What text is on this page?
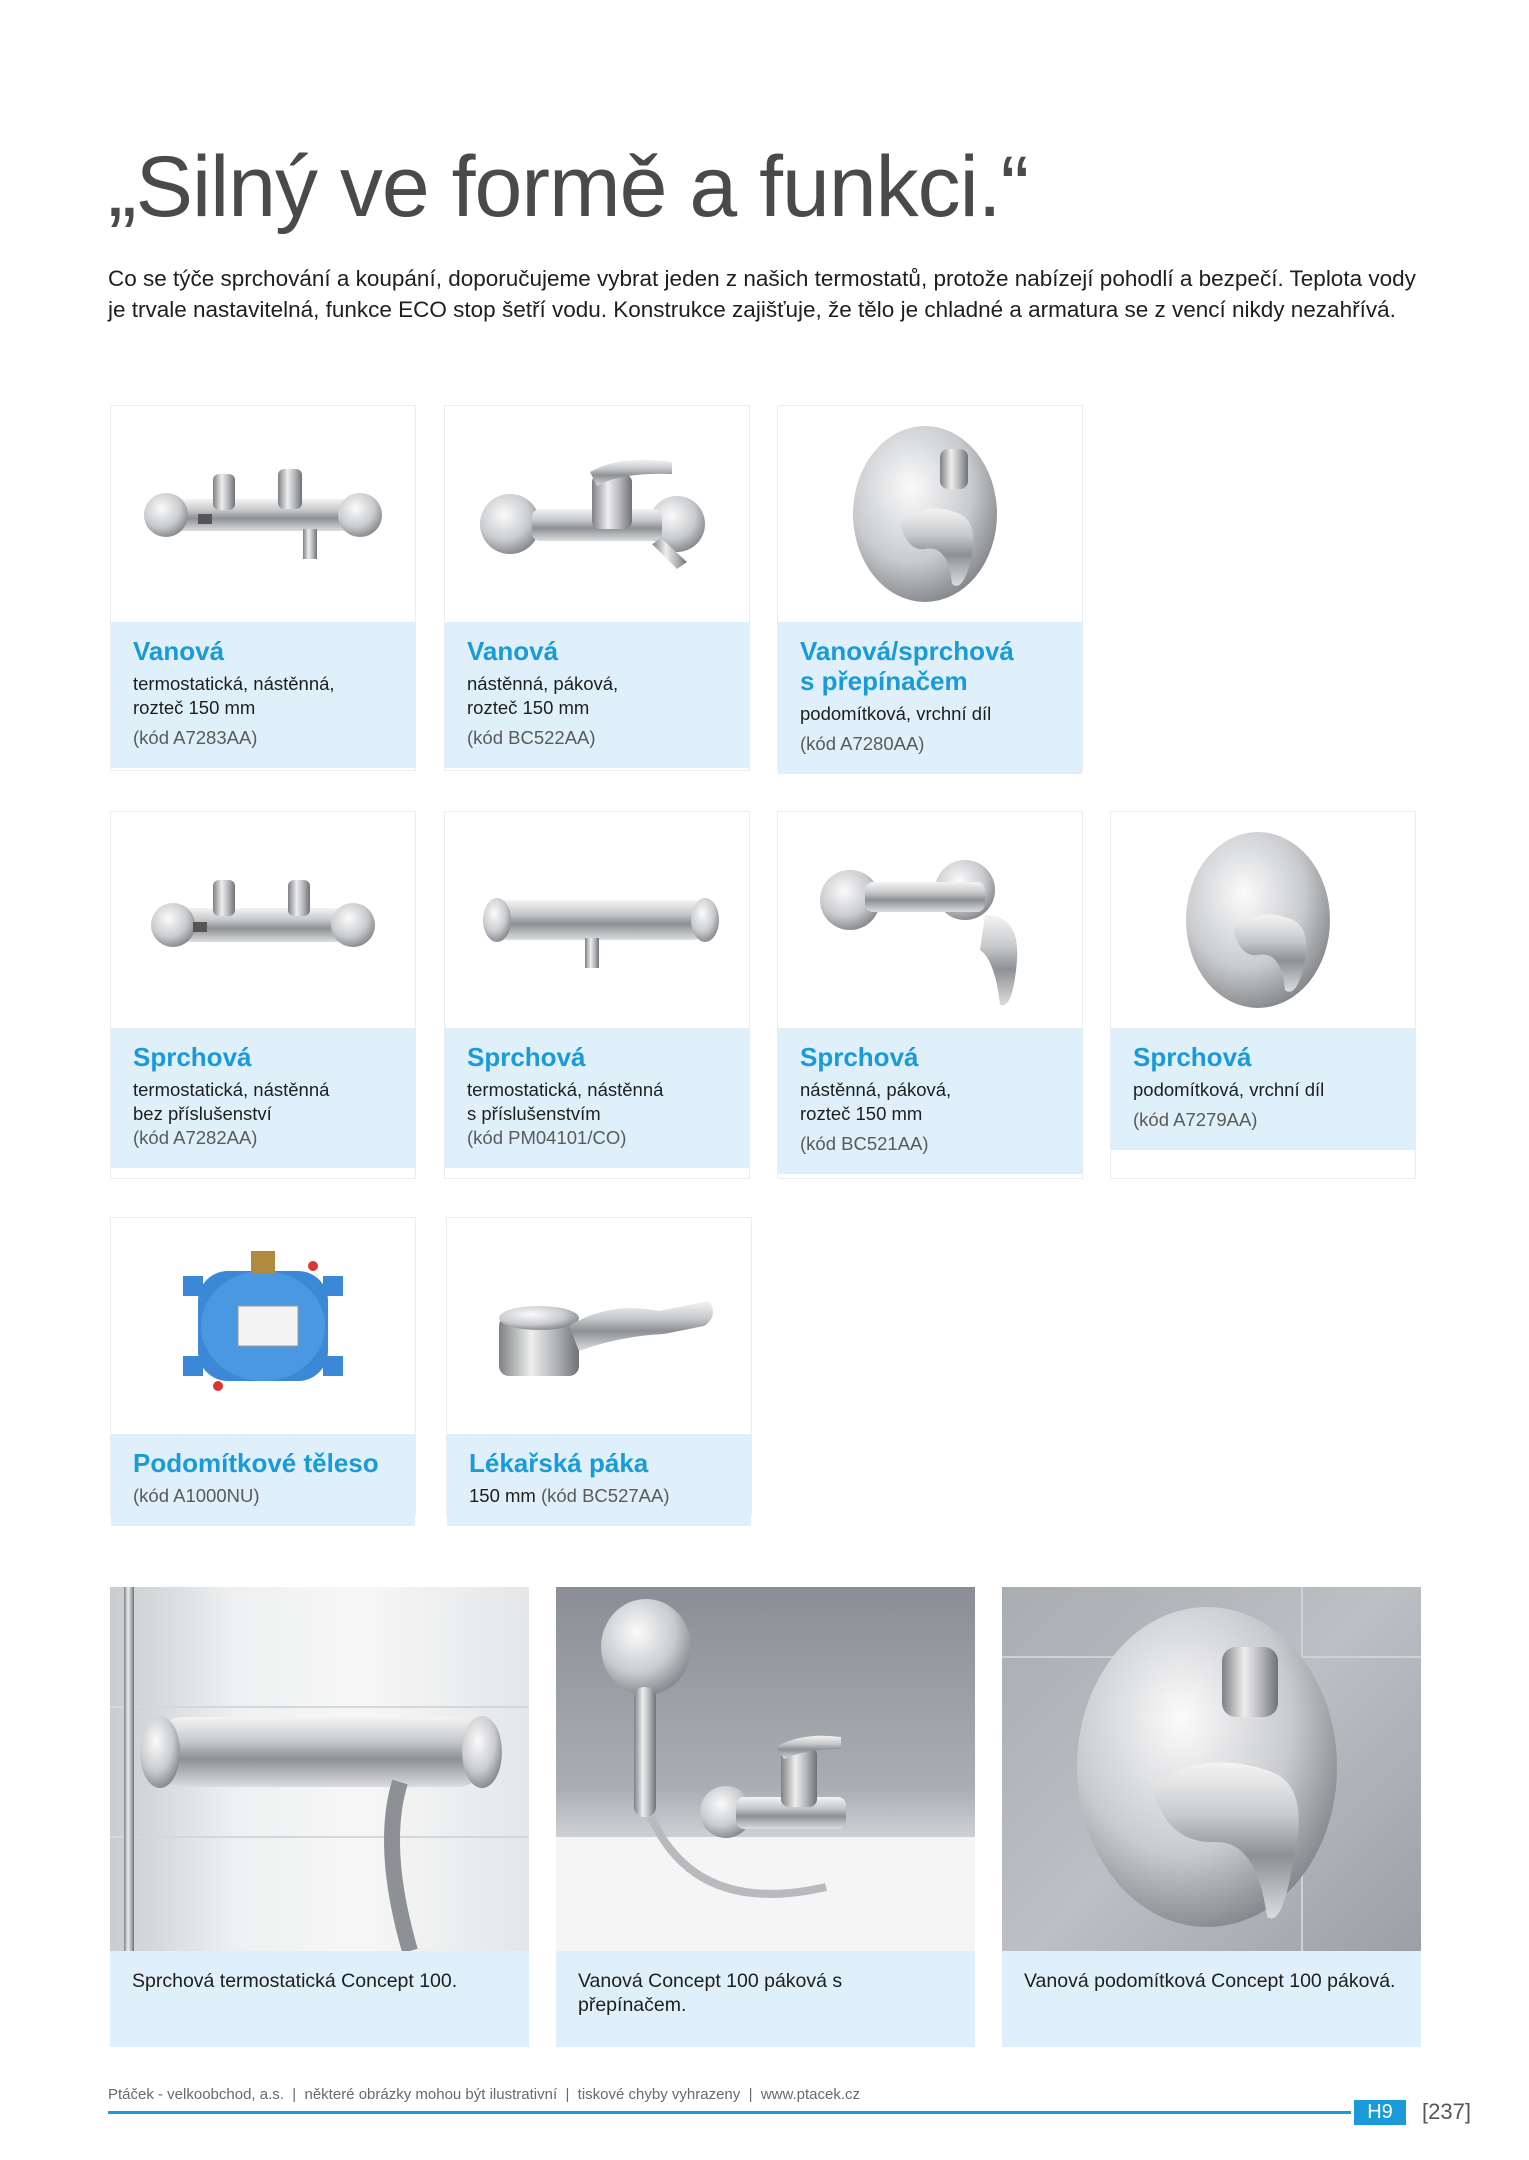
„Silný ve formě a funkci.“
Co se týče sprchování a koupání, doporučujeme vybrat jeden z našich termostatů, protože nabízejí pohodlí a bezpečí. Teplota vody je trvale nastavitelná, funkce ECO stop šetří vodu. Konstrukce zajišťuje, že tělo je chladné a armatura se z vencí nikdy nezahřívá.
Vanová
termostatická, nástěnná,
rozteč 150 mm
(kód A7283AA)
Vanová
nástěnná, páková,
rozteč 150 mm
(kód BC522AA)
Vanová/sprchová
s přepínačem
podomítková, vrchní díl
(kód A7280AA)
Sprchová
termostatická, nástěnná
bez příslušenství
(kód A7282AA)
Sprchová
termostatická, nástěnná
s příslušenstvím
(kód PM04101/CO)
Sprchová
nástěnná, páková,
rozteč 150 mm
(kód BC521AA)
Sprchová
podomítková, vrchní díl
(kód A7279AA)
Podomítkové těleso
(kód A1000NU)
Lékařská páka
150 mm (kód BC527AA)
Sprchová termostatická Concept 100.	Vanová Concept 100 páková s přepínačem.
Vanová podomítková Concept 100 páková.
Ptáček - velkoobchod, a.s.  |  některé obrázky mohou být ilustrativní  |  tiskové chyby vyhrazeny  |  www.ptacek.cz
H9	[237]
